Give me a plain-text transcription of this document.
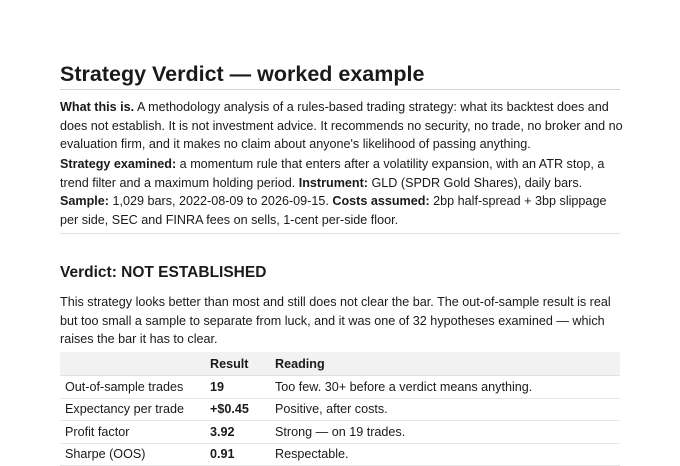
Strategy Verdict — worked example

What this is. A methodology analysis of a rules-based trading strategy: what its backtest does and does not establish. It is not investment advice. It recommends no security, no trade, no broker and no evaluation firm, and it makes no claim about anyone's likelihood of passing anything.

Strategy examined: a momentum rule that enters after a volatility expansion, with an ATR stop, a trend filter and a maximum holding period. Instrument: GLD (SPDR Gold Shares), daily bars. Sample: 1,029 bars, 2022-08-09 to 2026-09-15. Costs assumed: 2bp half-spread + 3bp slippage per side, SEC and FINRA fees on sells, 1-cent per-side floor.

Verdict: NOT ESTABLISHED

This strategy looks better than most and still does not clear the bar. The out-of-sample result is real but too small a sample to separate from luck, and it was one of 32 hypotheses examined — which raises the bar it has to clear.

	Result	Reading
Out-of-sample trades	19	Too few. 30+ before a verdict means anything.
Expectancy per trade	+$0.45	Positive, after costs.
Profit factor	3.92	Strong — on 19 trades.
Sharpe (OOS)	0.91	Respectable.
